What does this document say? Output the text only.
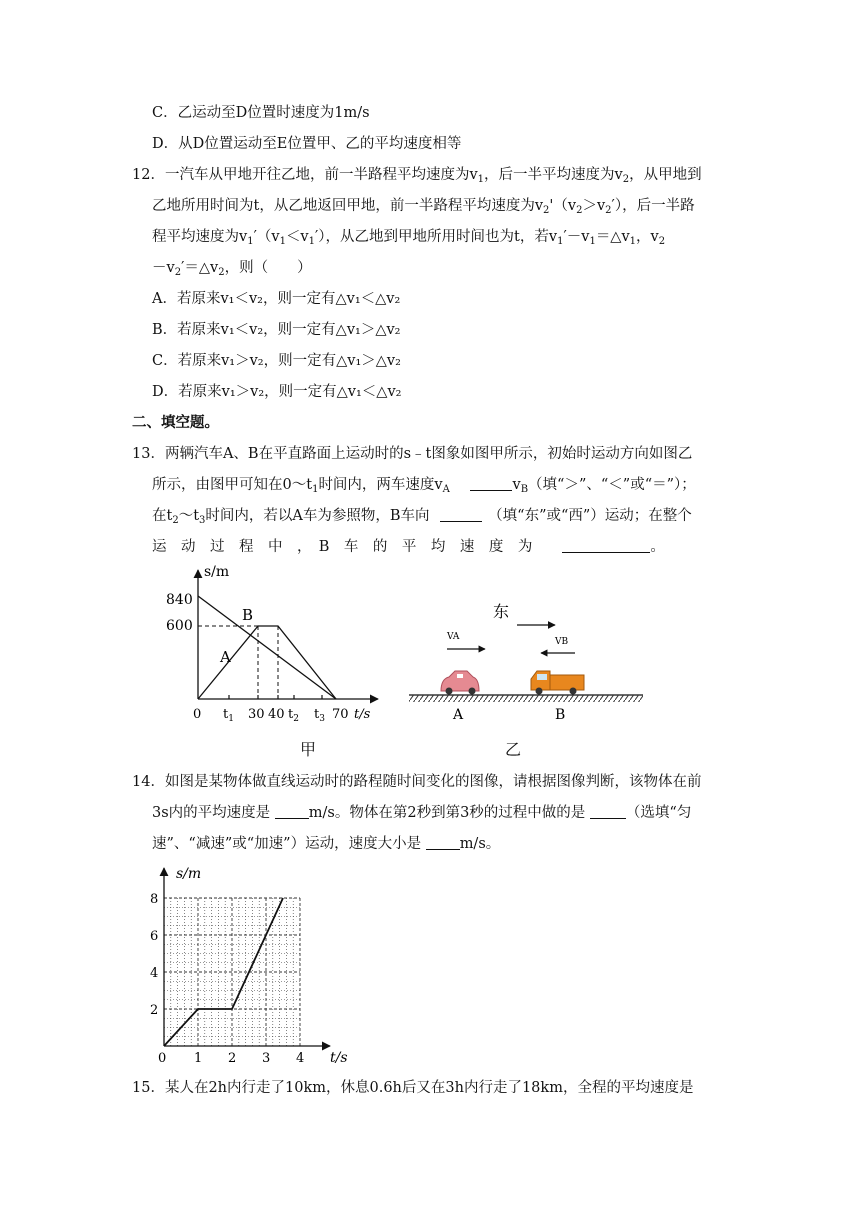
C．乙运动至D位置时速度为1m/s
D．从D位置运动至E位置甲、乙的平均速度相等
12．一汽车从甲地开往乙地，前一半路程平均速度为$v_1$，后一半平均速度为$v_2$，从甲地到
乙地所用时间为t，从乙地返回甲地，前一半路程平均速度为$v_2'(v_2>v_2')$，后一半路
程平均速度为$v_1'(v_1<v_1')$，从乙地到甲地所用时间也为t，若$v_1'-v_1=\triangle v_1$，$v_2$
$-v_2'=\triangle v_2$，则（　　）
A．若原来v₁＜v₂，则一定有△v₁＜△v₂
B．若原来v₁＜v₂，则一定有△v₁＞△v₂
C．若原来v₁＞v₂，则一定有△v₁＞△v₂
D．若原来v₁＞v₂，则一定有△v₁＜△v₂
二、填空题。
13．两辆汽车A、B在平直路面上运动时的s﹣t图象如图甲所示，初始时运动方向如图乙
所示，由图甲可知在$0\sim t_1$时间内，两车速度$v_A$	$v_B$（填“＞”、“＜”或“＝”）；
在$t_2\sim t_3$时间内，若以A车为参照物，B车向	（填“东”或“西”）运动；在整个
运　动　过　程　中　，　B　车　的　平　均　速　度　为	。
s/m
840
600
A
B
0 $t_1$ 30 40 $t_2$ $t_3$ 70 t/s
甲
东
VA	VB
A	B
乙
14．如图是某物体做直线运动时的路程随时间变化的图像，请根据图像判断，该物体在前
3s内的平均速度是	m/s。物体在第2秒到第3秒的过程中做的是	（选填“匀
速”、“减速”或“加速”）运动，速度大小是	m/s。
s/m
t/s
2
4
6
8
0 1 2 3 4
15．某人在2h内行走了10km，休息0.6h后又在3h内行走了18km，全程的平均速度是
